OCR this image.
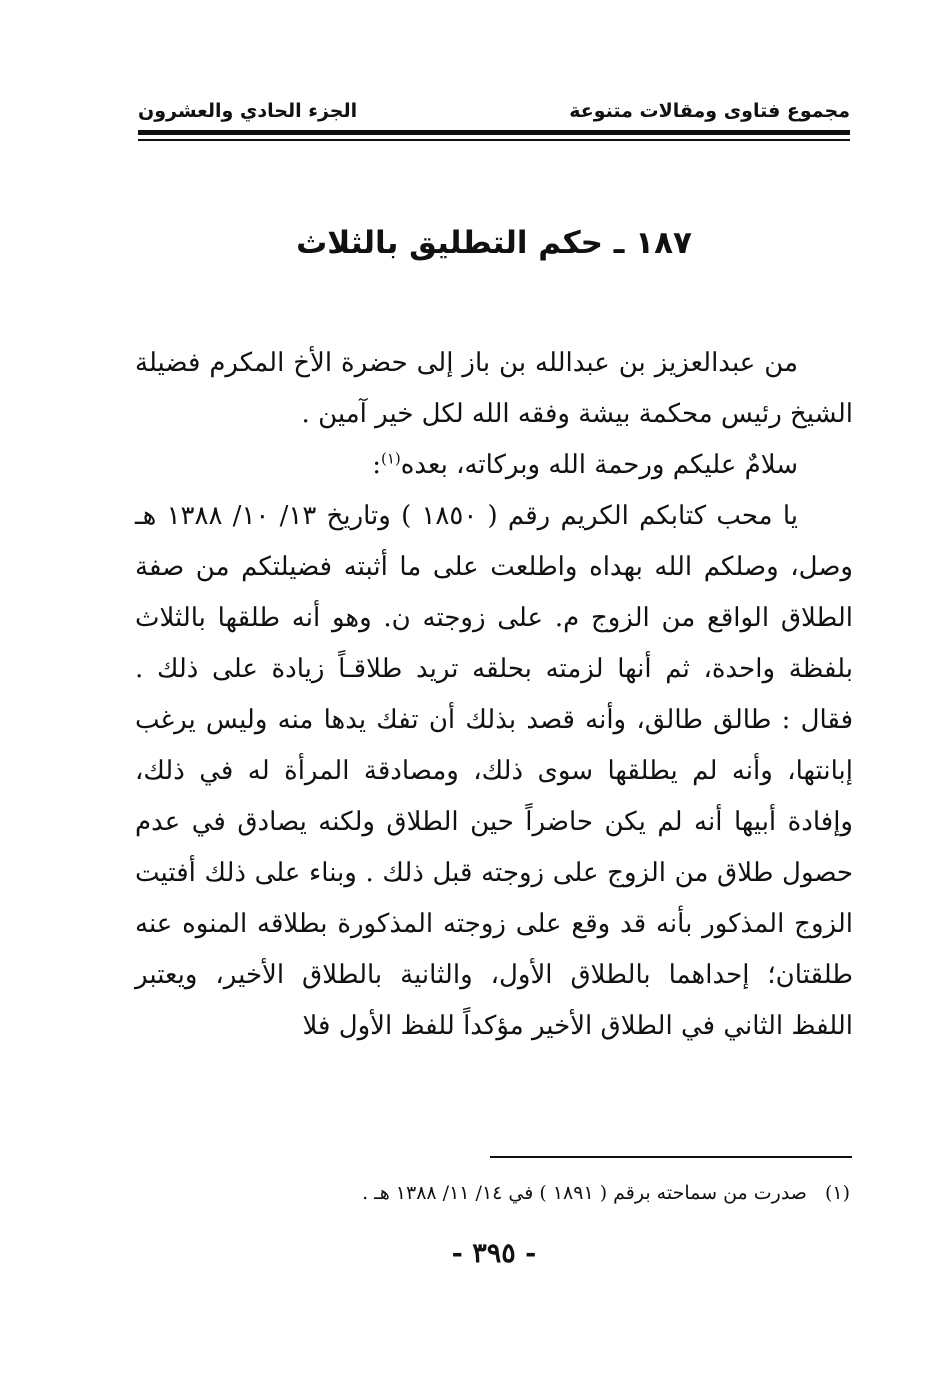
مجموع فتاوى ومقالات متنوعة
الجزء الحادي والعشرون
١٨٧ ـ حكم التطليق بالثلاث

من عبدالعزيز بن عبدالله بن باز إلى حضرة الأخ المكرم فضيلة الشيخ رئيس محكمة بيشة وفقه الله لكل خير آمين .

سلامٌ عليكم ورحمة الله وبركاته، بعده$^{(١)}$:

يا محب كتابكم الكريم رقم ( ١٨٥٠ ) وتاريخ ١٣/ ١٠/ ١٣٨٨ هـ وصل، وصلكم الله بهداه واطلعت على ما أثبته فضيلتكم من صفة الطلاق الواقع من الزوج م. على زوجته ن. وهو أنه طلقها بالثلاث بلفظة واحدة، ثم أنها لزمته بحلقه تريد طلاقـاً زيادة على ذلك . فقال : طالق طالق، وأنه قصد بذلك أن تفك يدها منه وليس يرغب إبانتها، وأنه لم يطلقها سوى ذلك، ومصادقة المرأة له في ذلك، وإفادة أبيها أنه لم يكن حاضراً حين الطلاق ولكنه يصادق في عدم حصول طلاق من الزوج على زوجته قبل ذلك . وبناء على ذلك أفتيت الزوج المذكور بأنه قد وقع على زوجته المذكورة بطلاقه المنوه عنه طلقتان؛ إحداهما بالطلاق الأول، والثانية بالطلاق الأخير، ويعتبر اللفظ الثاني في الطلاق الأخير مؤكداً للفظ الأول فلا

(١)صدرت من سماحته برقم ( ١٨٩١ ) في ١٤/ ١١/ ١٣٨٨ هـ .
- ٣٩٥ -
